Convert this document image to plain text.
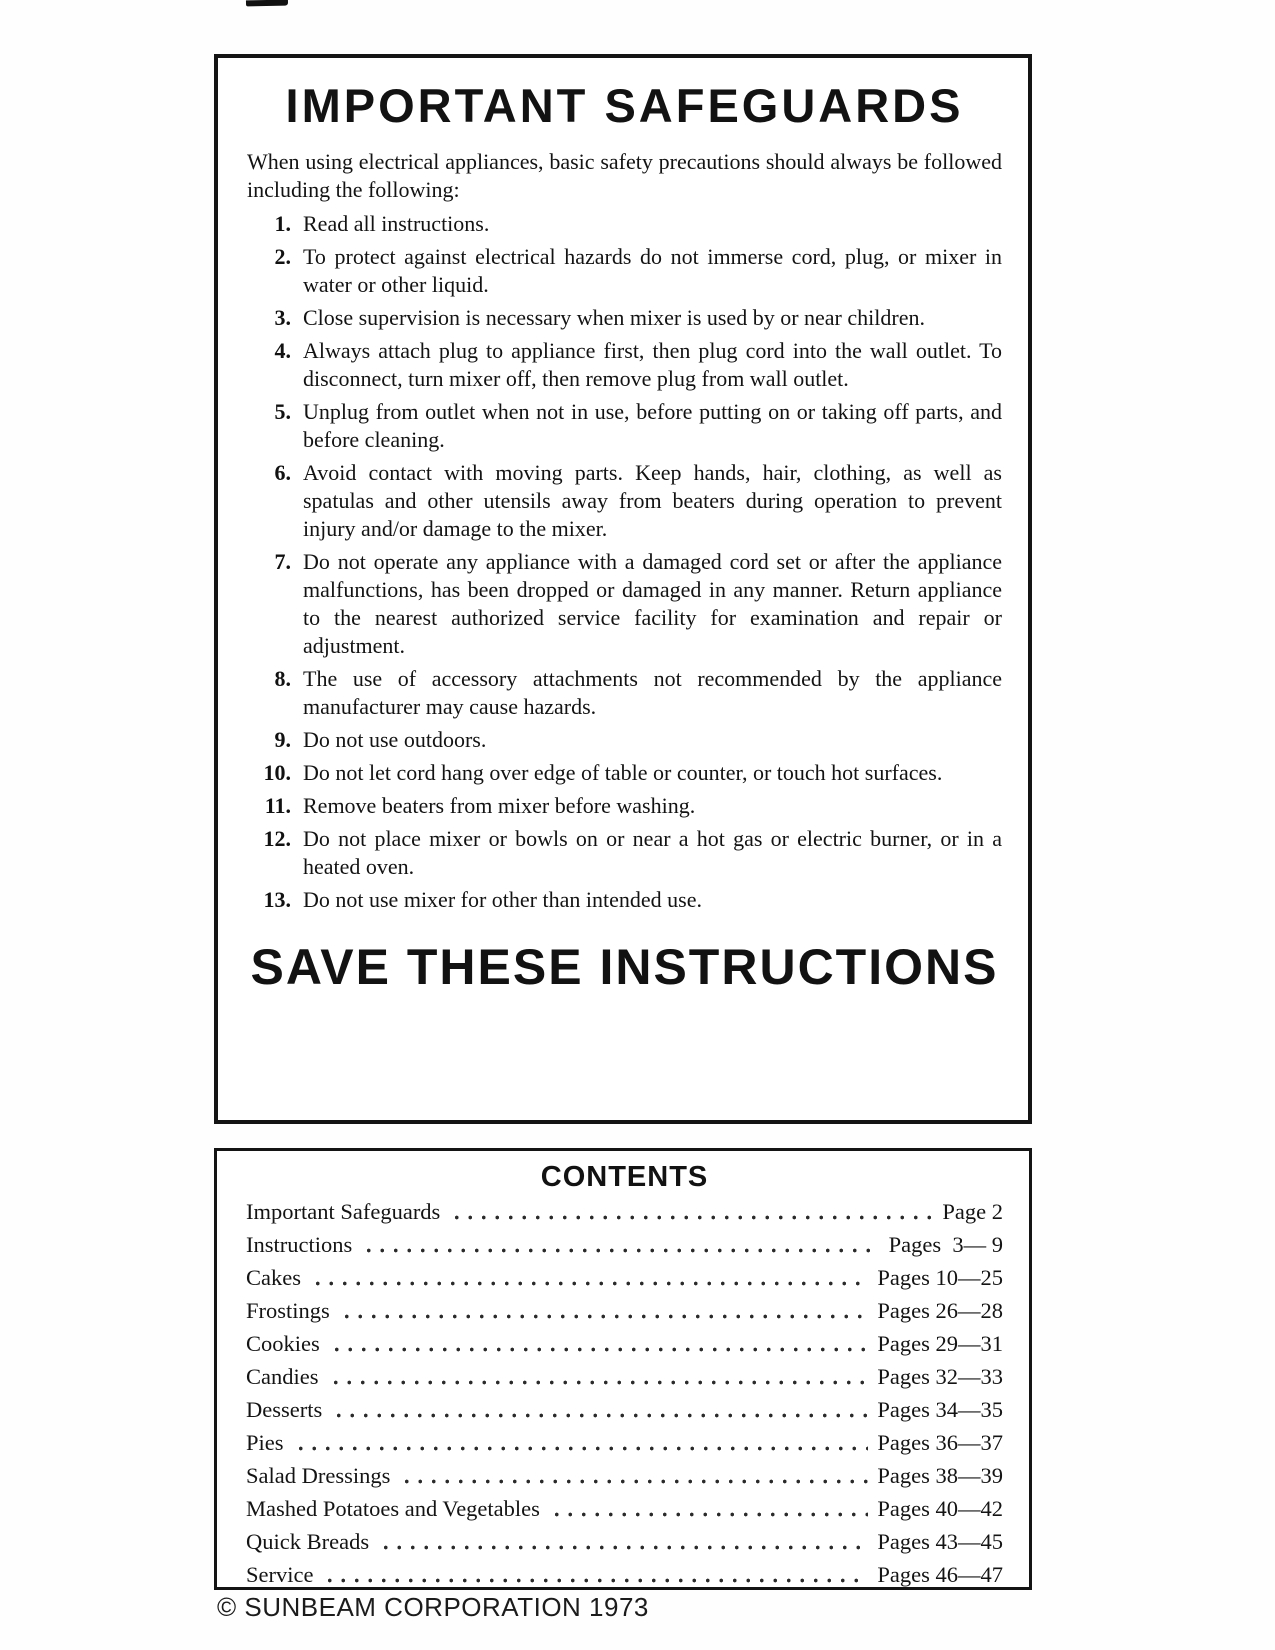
IMPORTANT SAFEGUARDS

When using electrical appliances, basic safety precautions should always be followed including the following:

1. Read all instructions.
2. To protect against electrical hazards do not immerse cord, plug, or mixer in water or other liquid.
3. Close supervision is necessary when mixer is used by or near children.
4. Always attach plug to appliance first, then plug cord into the wall outlet. To disconnect, turn mixer off, then remove plug from wall outlet.
5. Unplug from outlet when not in use, before putting on or taking off parts, and before cleaning.
6. Avoid contact with moving parts. Keep hands, hair, clothing, as well as spatulas and other utensils away from beaters during operation to prevent injury and/or damage to the mixer.
7. Do not operate any appliance with a damaged cord set or after the appliance malfunctions, has been dropped or damaged in any manner. Return appliance to the nearest authorized service facility for examination and repair or adjustment.
8. The use of accessory attachments not recommended by the appliance manufacturer may cause hazards.
9. Do not use outdoors.
10. Do not let cord hang over edge of table or counter, or touch hot surfaces.
11. Remove beaters from mixer before washing.
12. Do not place mixer or bowls on or near a hot gas or electric burner, or in a heated oven.
13. Do not use mixer for other than intended use.
SAVE THESE INSTRUCTIONS
CONTENTS
Important Safeguards	Page 2
Instructions	Pages  3— 9
Cakes	Pages 10—25
Frostings	Pages 26—28
Cookies	Pages 29—31
Candies	Pages 32—33
Desserts	Pages 34—35
Pies	Pages 36—37
Salad Dressings	Pages 38—39
Mashed Potatoes and Vegetables	Pages 40—42
Quick Breads	Pages 43—45
Service	Pages 46—47
© SUNBEAM CORPORATION 1973
